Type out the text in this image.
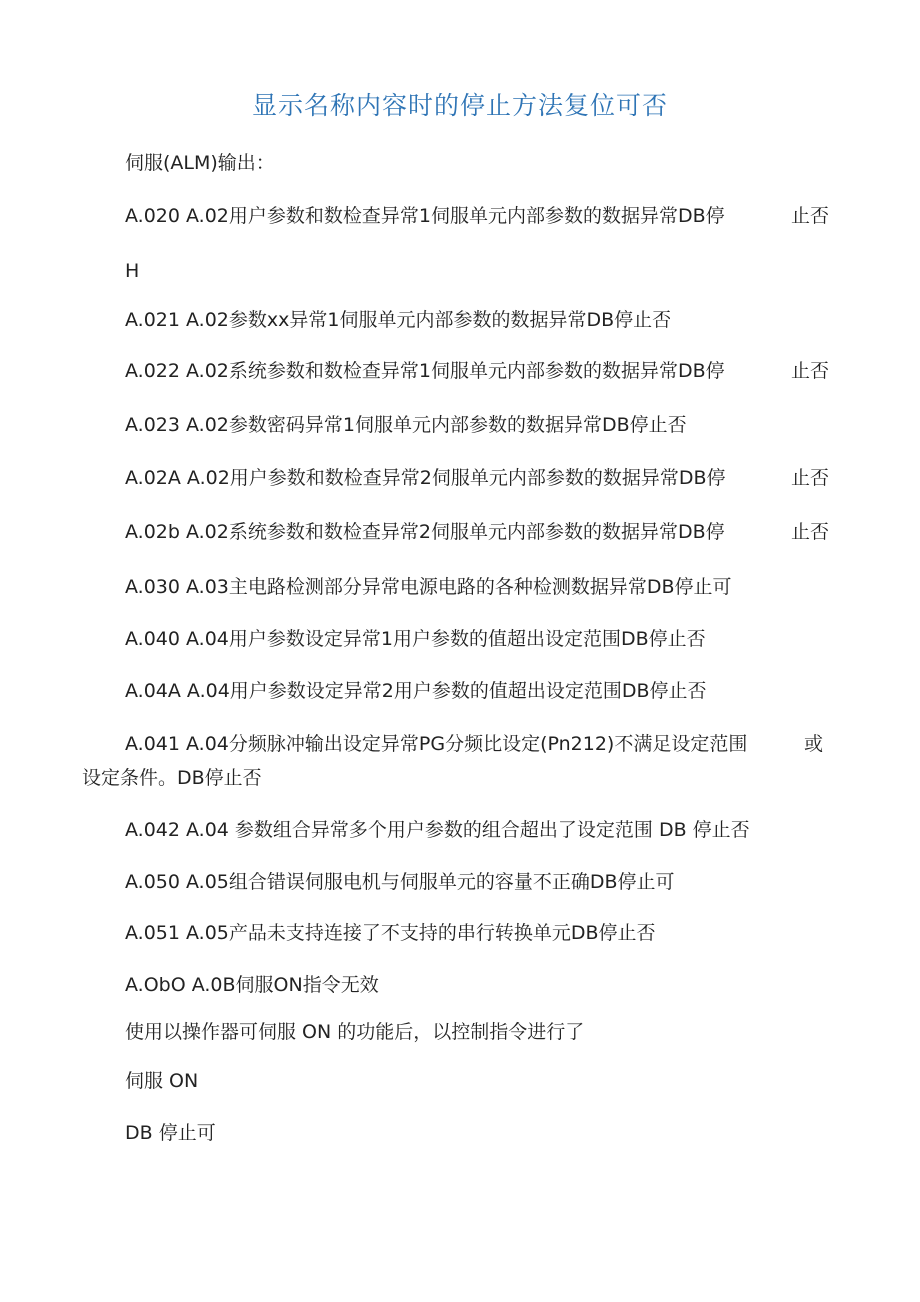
显示名称内容时的停止方法复位可否
伺服(ALM)输出：
A.020 A.02用户参数和数检查异常1伺服单元内部参数的数据异常DB停	止否
H
A.021 A.02参数xx异常1伺服单元内部参数的数据异常DB停止否
A.022 A.02系统参数和数检查异常1伺服单元内部参数的数据异常DB停	止否
A.023 A.02参数密码异常1伺服单元内部参数的数据异常DB停止否
A.02A A.02用户参数和数检查异常2伺服单元内部参数的数据异常DB停	止否
A.02b A.02系统参数和数检查异常2伺服单元内部参数的数据异常DB停	止否
A.030 A.03主电路检测部分异常电源电路的各种检测数据异常DB停止可
A.040 A.04用户参数设定异常1用户参数的值超出设定范围DB停止否
A.04A A.04用户参数设定异常2用户参数的值超出设定范围DB停止否
A.041 A.04分频脉冲输出设定异常PG分频比设定(Pn212)不满足设定范围	或
设定条件。DB停止否
A.042 A.04 参数组合异常多个用户参数的组合超出了设定范围 DB 停止否
A.050 A.05组合错误伺服电机与伺服单元的容量不正确DB停止可
A.051 A.05产品未支持连接了不支持的串行转换单元DB停止否
A.ObO A.0B伺服ON指令无效
使用以操作器可伺服 ON 的功能后，以控制指令进行了
伺服 ON
DB 停止可
